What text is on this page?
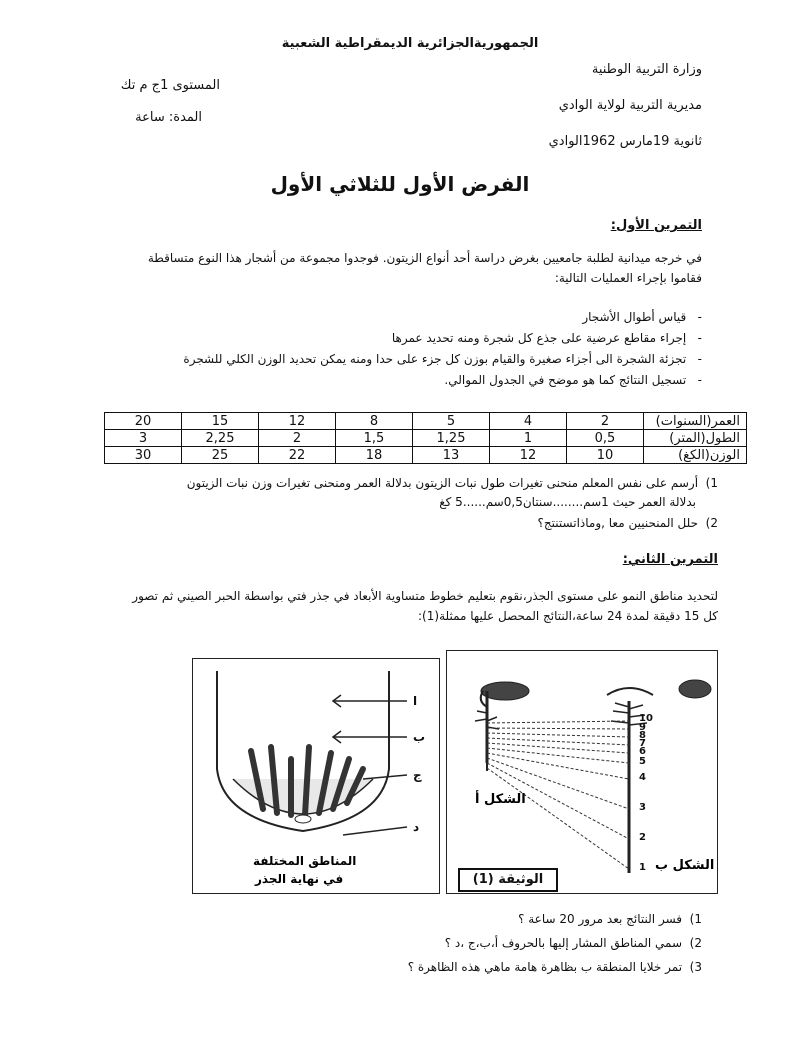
الجمهوريةالجزائرية الديمقراطية الشعبية
وزارة التربية الوطنية
مديرية التربية لولاية الوادي
ثانوية 19مارس 1962الوادي
المستوى 1ج م تك
المدة: ساعة
الفرض الأول للثلاثي الأول
التمرين الأول:
في خرجه ميدانية لطلبة جامعيين بغرض دراسة أحد أنواع الزيتون. فوجدوا مجموعة من أشجار هذا النوع متساقطة
فقاموا بإجراء العمليات التالية:
-   قياس أطوال الأشجار
-   إجراء مقاطع عرضية على جذع كل شجرة ومنه تحديد عمرها
-   تجزئة الشجرة الى أجزاء صغيرة والقيام بوزن كل جزء على حدا ومنه يمكن تحديد الوزن الكلي للشجرة
-   تسجيل النتائج كما هو موضح في الجدول الموالي.
العمر(السنوات)	2	4	5	8	12	15	20
الطول(المتر)	0,5	1	1,25	1,5	2	2,25	3
الوزن(الكغ)	10	12	13	18	22	25	30
1)  أرسم على نفس المعلم منحنى تغيرات طول نبات الزيتون بدلالة العمر ومنحنى تغيرات وزن نبات الزيتون
بدلالة العمر حيث 1سم........سنتان0,5سم......5 كغ
2)  حلل المنحنيين معا ,وماذاتستنتج؟
التمرين الثاني:
لتحديد مناطق النمو على مستوى الجذر،نقوم بتعليم خطوط متساوية الأبعاد في جذر فتي بواسطة الحبر الصيني ثم تصور
كل 15 دقيقة لمدة 24 ساعة،النتائج المحصل عليها ممثلة(1):
10
9
8
7
6
5
4
3
2
1
الشكل أ
الشكل ب
الوثيقة (1)
ا
ب
ج
د
المناطق المختلفة
في نهاية الجذر
1)  فسر النتائج بعد مرور 20 ساعة ؟
2)  سمي المناطق المشار إليها بالحروف أ،ب،ج ،د ؟
3)  تمر خلايا المنطقة ب بظاهرة هامة ماهي هذه الظاهرة ؟
